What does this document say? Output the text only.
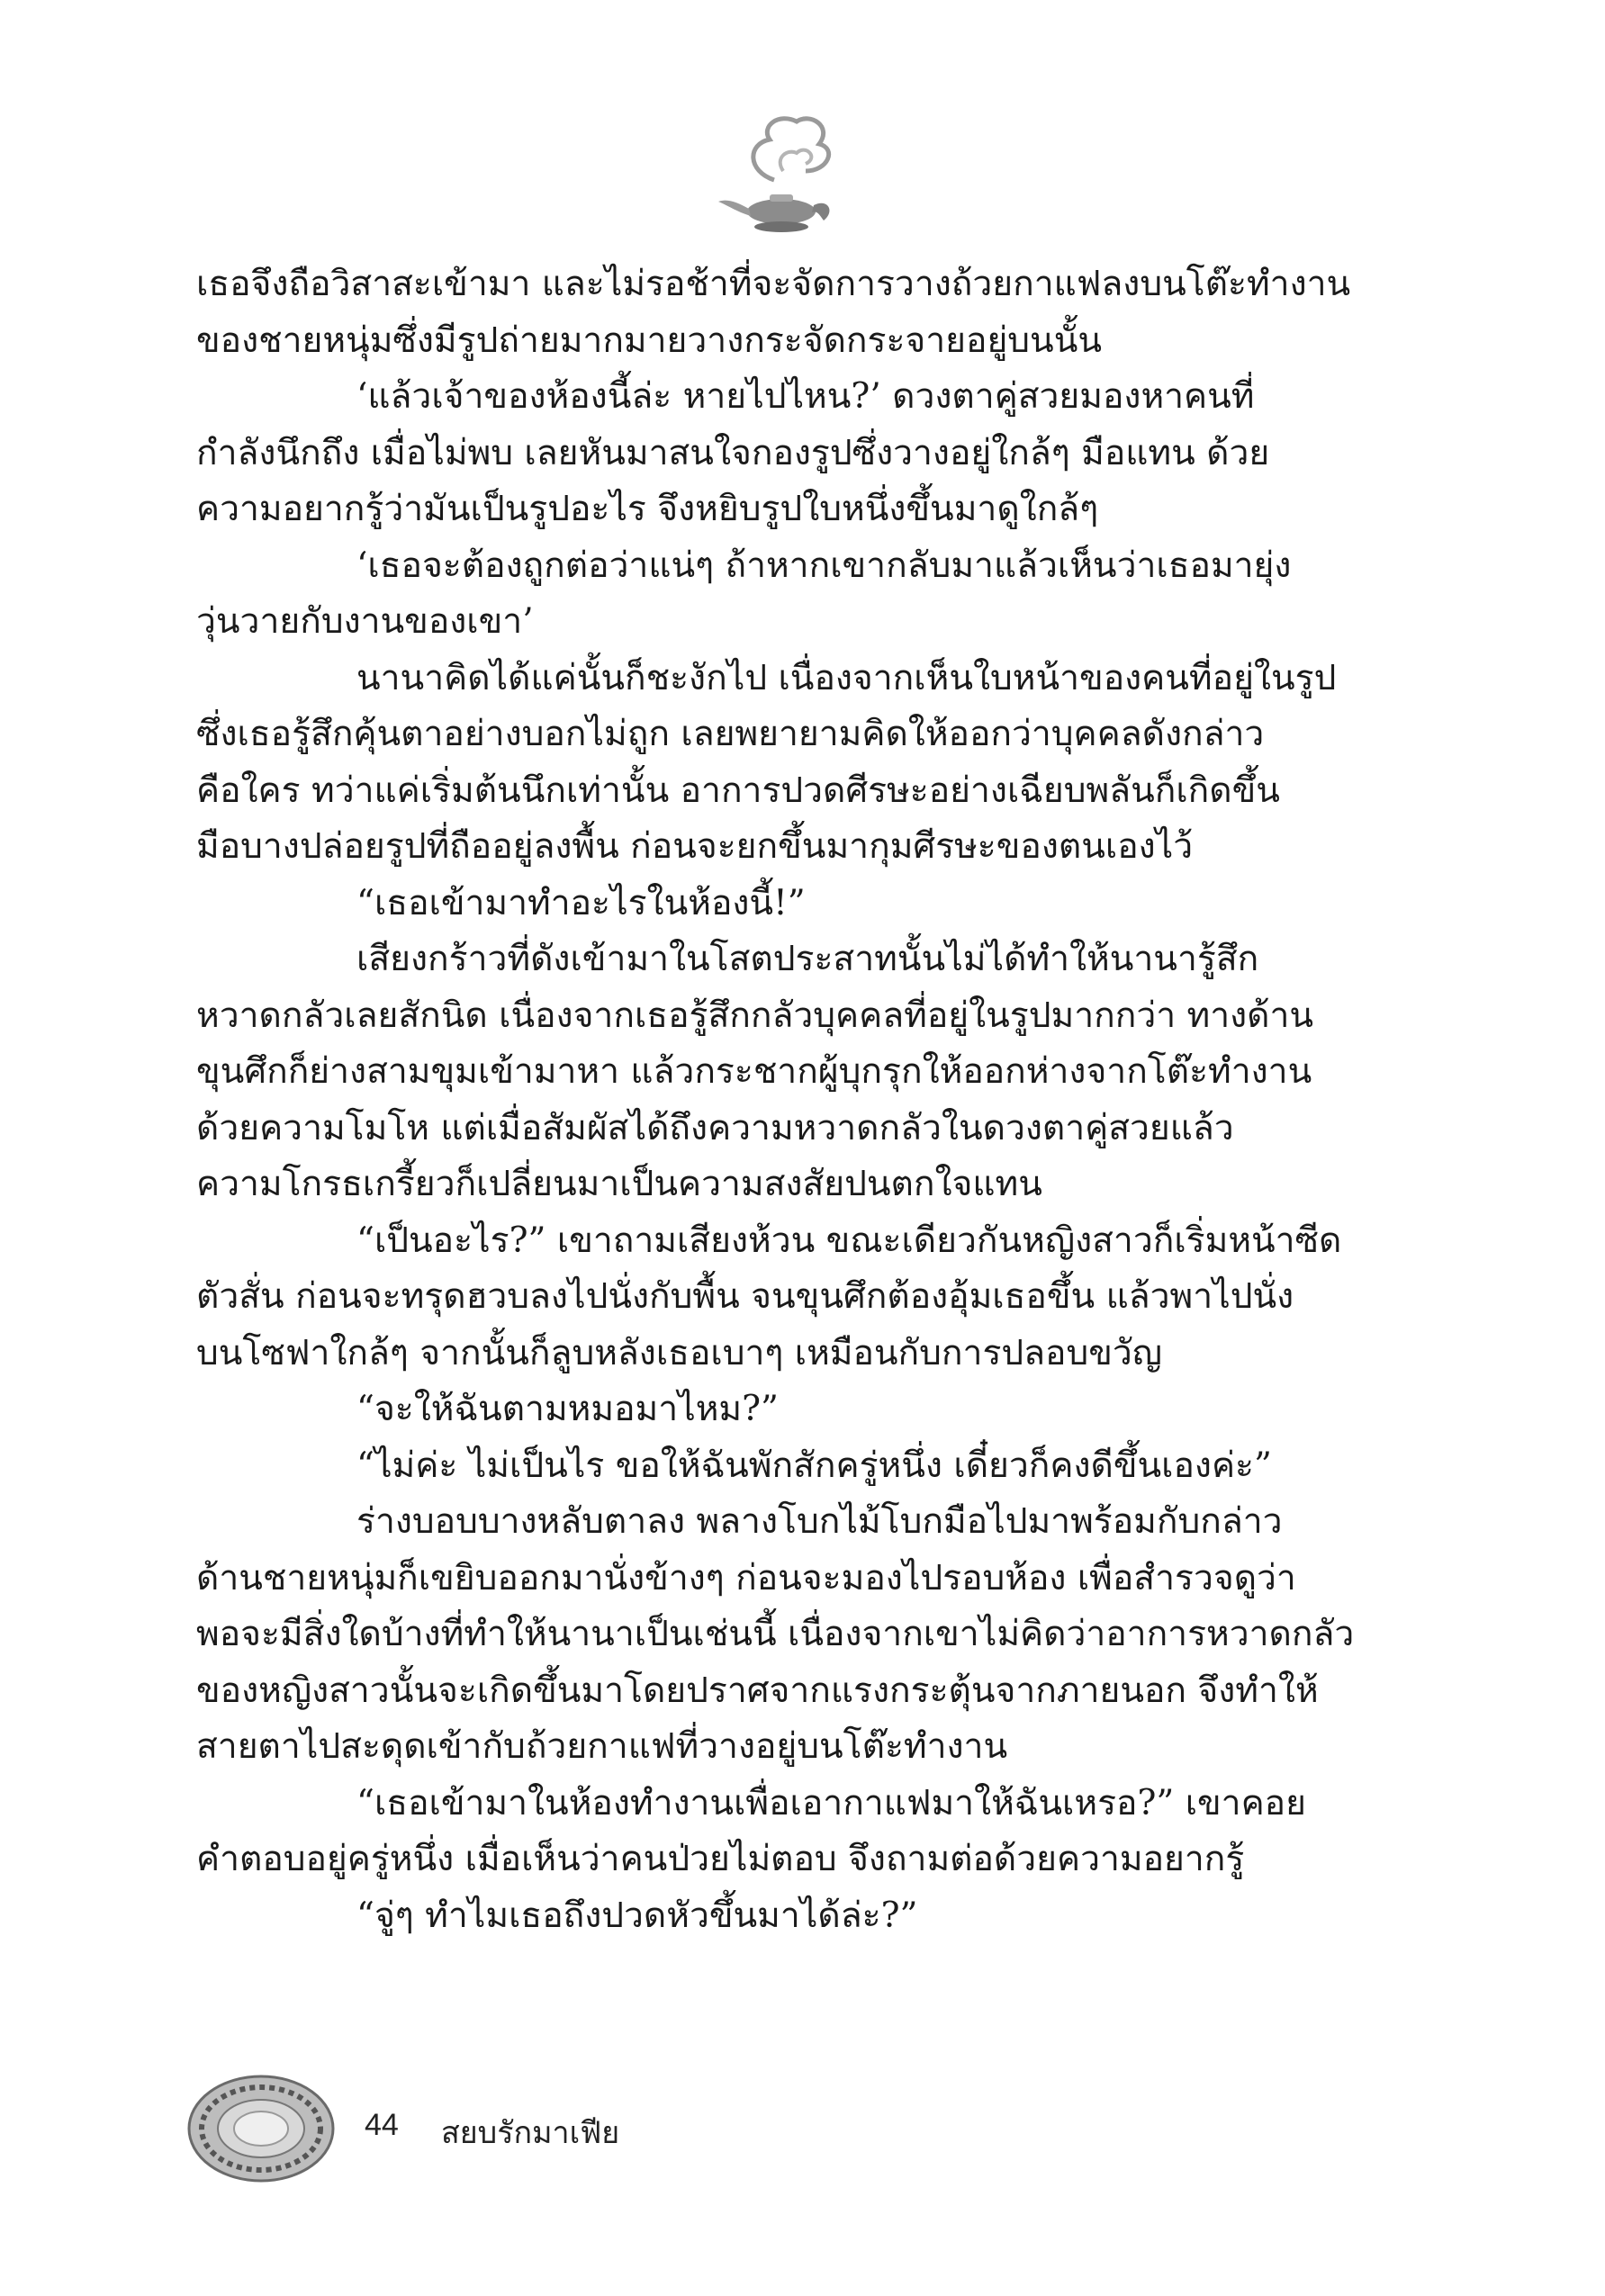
เธอจึงถือวิสาสะเข้ามา และไม่รอช้าที่จะจัดการวางถ้วยกาแฟลงบนโต๊ะทำงาน
ของชายหนุ่มซึ่งมีรูปถ่ายมากมายวางกระจัดกระจายอยู่บนนั้น
‘แล้วเจ้าของห้องนี้ล่ะ หายไปไหน?’ ดวงตาคู่สวยมองหาคนที่
กำลังนึกถึง เมื่อไม่พบ เลยหันมาสนใจกองรูปซึ่งวางอยู่ใกล้ๆ มือแทน ด้วย
ความอยากรู้ว่ามันเป็นรูปอะไร จึงหยิบรูปใบหนึ่งขึ้นมาดูใกล้ๆ
‘เธอจะต้องถูกต่อว่าแน่ๆ ถ้าหากเขากลับมาแล้วเห็นว่าเธอมายุ่ง
วุ่นวายกับงานของเขา’
นานาคิดได้แค่นั้นก็ชะงักไป เนื่องจากเห็นใบหน้าของคนที่อยู่ในรูป
ซึ่งเธอรู้สึกคุ้นตาอย่างบอกไม่ถูก เลยพยายามคิดให้ออกว่าบุคคลดังกล่าว
คือใคร ทว่าแค่เริ่มต้นนึกเท่านั้น อาการปวดศีรษะอย่างเฉียบพลันก็เกิดขึ้น
มือบางปล่อยรูปที่ถืออยู่ลงพื้น ก่อนจะยกขึ้นมากุมศีรษะของตนเองไว้
“เธอเข้ามาทำอะไรในห้องนี้!”
เสียงกร้าวที่ดังเข้ามาในโสตประสาทนั้นไม่ได้ทำให้นานารู้สึก
หวาดกลัวเลยสักนิด เนื่องจากเธอรู้สึกกลัวบุคคลที่อยู่ในรูปมากกว่า ทางด้าน
ขุนศึกก็ย่างสามขุมเข้ามาหา แล้วกระชากผู้บุกรุกให้ออกห่างจากโต๊ะทำงาน
ด้วยความโมโห แต่เมื่อสัมผัสได้ถึงความหวาดกลัวในดวงตาคู่สวยแล้ว
ความโกรธเกรี้ยวก็เปลี่ยนมาเป็นความสงสัยปนตกใจแทน
“เป็นอะไร?” เขาถามเสียงห้วน ขณะเดียวกันหญิงสาวก็เริ่มหน้าซีด
ตัวสั่น ก่อนจะทรุดฮวบลงไปนั่งกับพื้น จนขุนศึกต้องอุ้มเธอขึ้น แล้วพาไปนั่ง
บนโซฟาใกล้ๆ จากนั้นก็ลูบหลังเธอเบาๆ เหมือนกับการปลอบขวัญ
“จะให้ฉันตามหมอมาไหม?”
“ไม่ค่ะ ไม่เป็นไร ขอให้ฉันพักสักครู่หนึ่ง เดี๋ยวก็คงดีขึ้นเองค่ะ”
ร่างบอบบางหลับตาลง พลางโบกไม้โบกมือไปมาพร้อมกับกล่าว
ด้านชายหนุ่มก็เขยิบออกมานั่งข้างๆ ก่อนจะมองไปรอบห้อง เพื่อสำรวจดูว่า
พอจะมีสิ่งใดบ้างที่ทำให้นานาเป็นเช่นนี้ เนื่องจากเขาไม่คิดว่าอาการหวาดกลัว
ของหญิงสาวนั้นจะเกิดขึ้นมาโดยปราศจากแรงกระตุ้นจากภายนอก จึงทำให้
สายตาไปสะดุดเข้ากับถ้วยกาแฟที่วางอยู่บนโต๊ะทำงาน
“เธอเข้ามาในห้องทำงานเพื่อเอากาแฟมาให้ฉันเหรอ?” เขาคอย
คำตอบอยู่ครู่หนึ่ง เมื่อเห็นว่าคนป่วยไม่ตอบ จึงถามต่อด้วยความอยากรู้
“จู่ๆ ทำไมเธอถึงปวดหัวขึ้นมาได้ล่ะ?”
44 สยบรักมาเฟีย
